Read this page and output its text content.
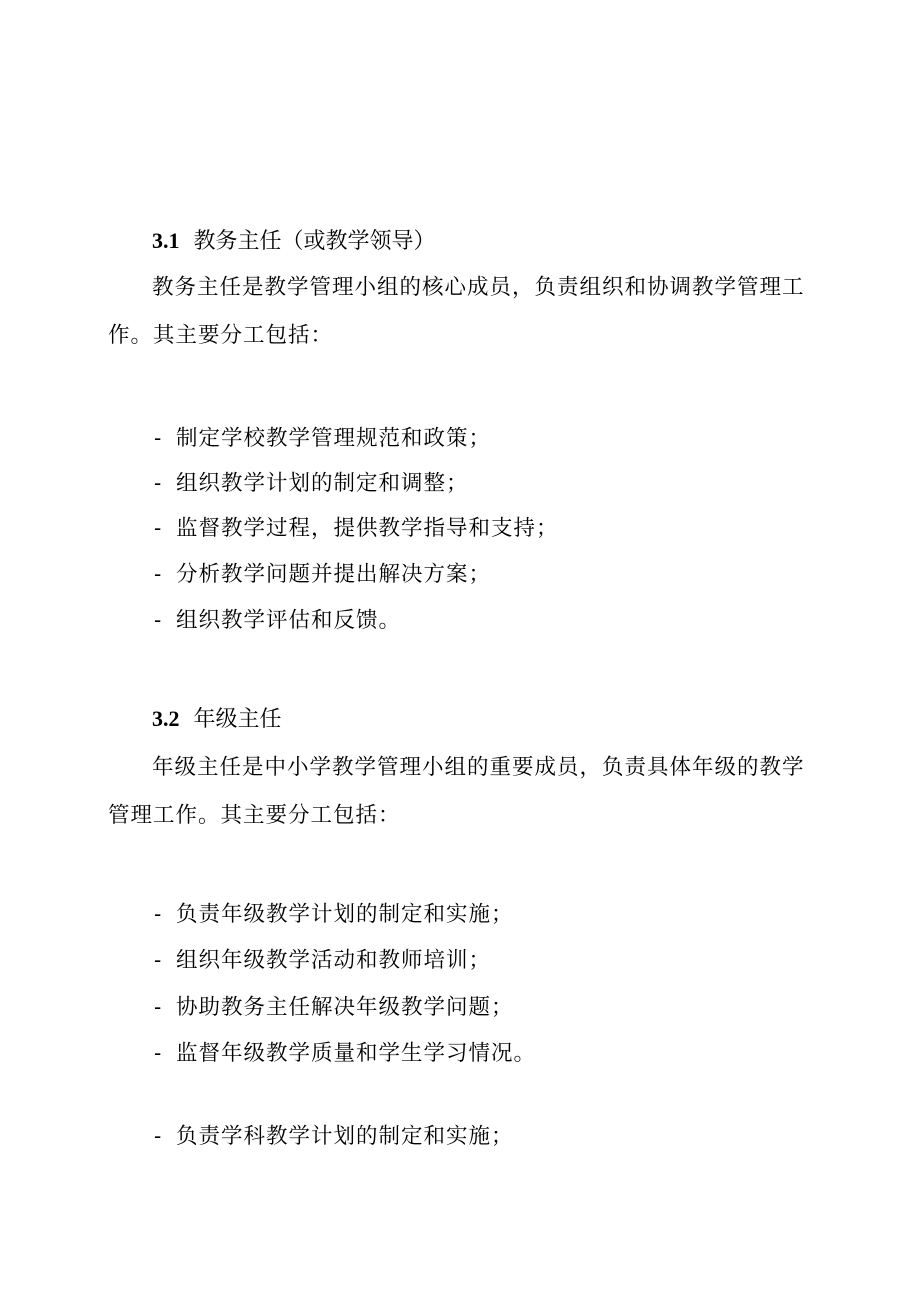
3.1 教务主任（或教学领导）
教务主任是教学管理小组的核心成员，负责组织和协调教学管理工作。其主要分工包括：
- 制定学校教学管理规范和政策；
- 组织教学计划的制定和调整；
- 监督教学过程，提供教学指导和支持；
- 分析教学问题并提出解决方案；
- 组织教学评估和反馈。
3.2 年级主任
年级主任是中小学教学管理小组的重要成员，负责具体年级的教学管理工作。其主要分工包括：
- 负责年级教学计划的制定和实施；
- 组织年级教学活动和教师培训；
- 协助教务主任解决年级教学问题；
- 监督年级教学质量和学生学习情况。
- 负责学科教学计划的制定和实施；
